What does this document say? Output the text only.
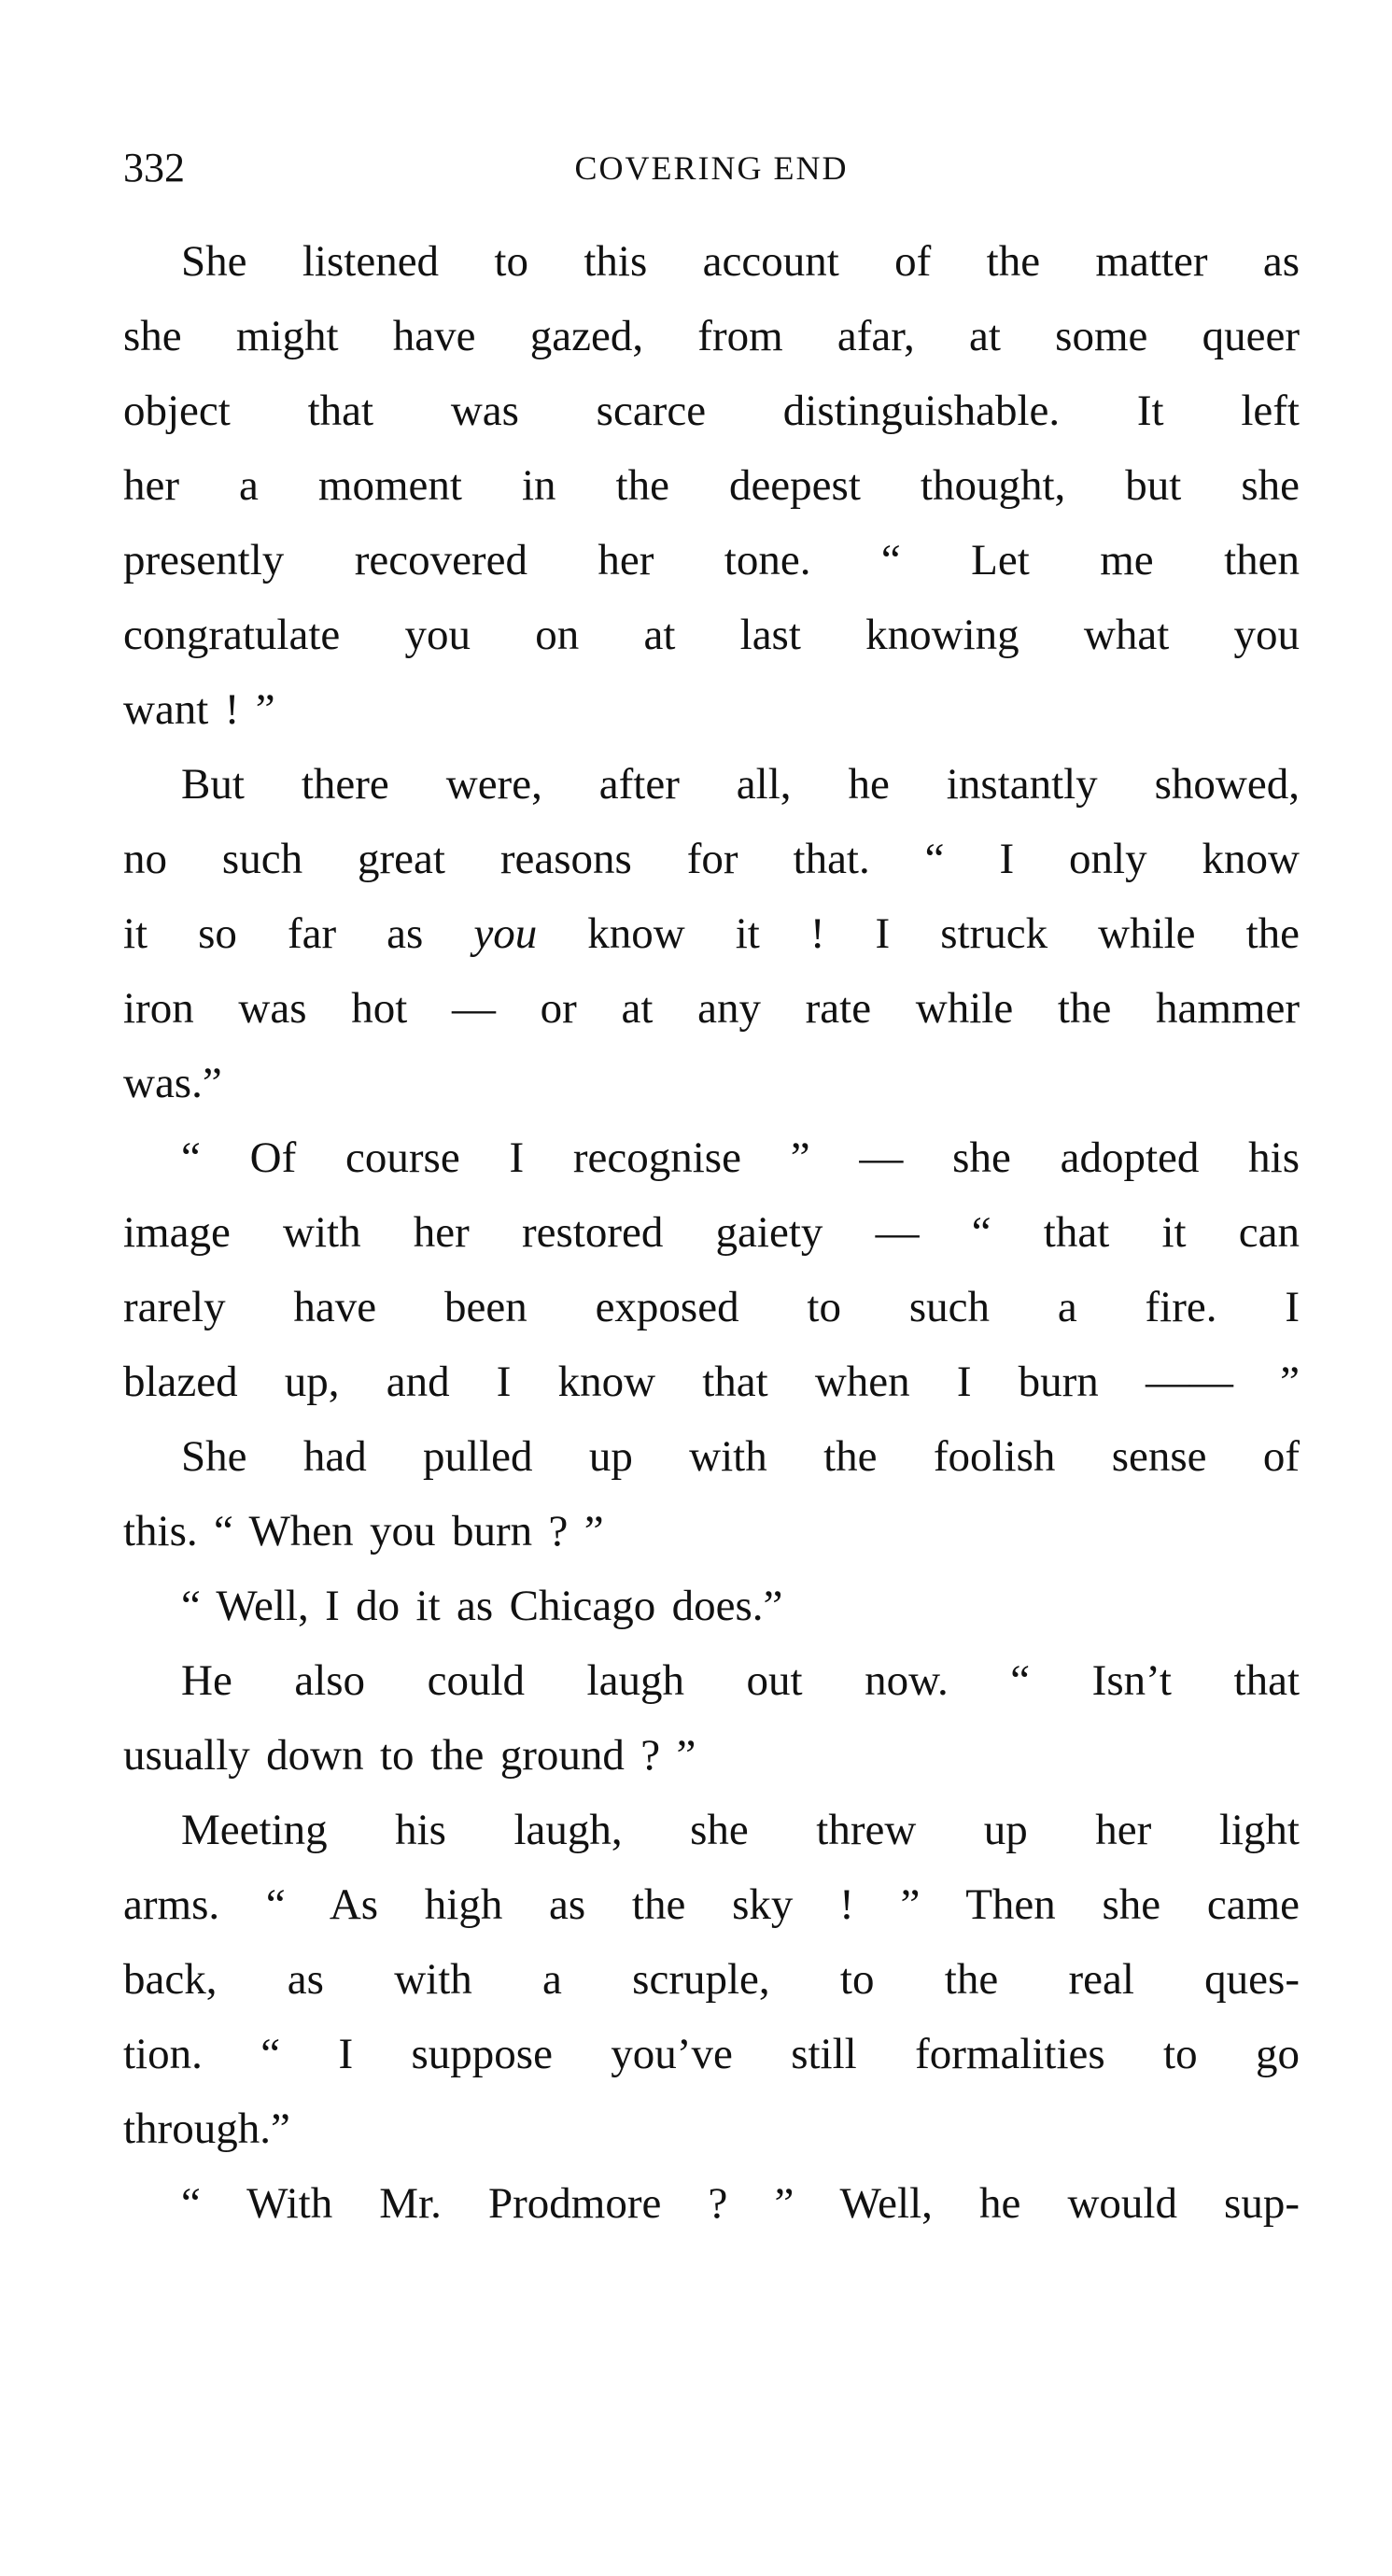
332	COVERING END

She listened to this account of the matter as
she might have gazed, from afar, at some queer
object that was scarce distinguishable. It left
her a moment in the deepest thought, but she
presently recovered her tone. “ Let me then
congratulate you on at last knowing what you
want ! ”

But there were, after all, he instantly showed,
no such great reasons for that. “ I only know
it so far as you know it ! I struck while the
iron was hot — or at any rate while the hammer
was.”

“ Of course I recognise ” — she adopted his
image with her restored gaiety — “ that it can
rarely have been exposed to such a fire. I
blazed up, and I know that when I burn —— ”

She had pulled up with the foolish sense of
this. “ When you burn ? ”

“ Well, I do it as Chicago does.”

He also could laugh out now. “ Isn’t that
usually down to the ground ? ”

Meeting his laugh, she threw up her light
arms. “ As high as the sky ! ” Then she came
back, as with a scruple, to the real ques-
tion. “ I suppose you’ve still formalities to go
through.”

“ With Mr. Prodmore ? ” Well, he would sup-
